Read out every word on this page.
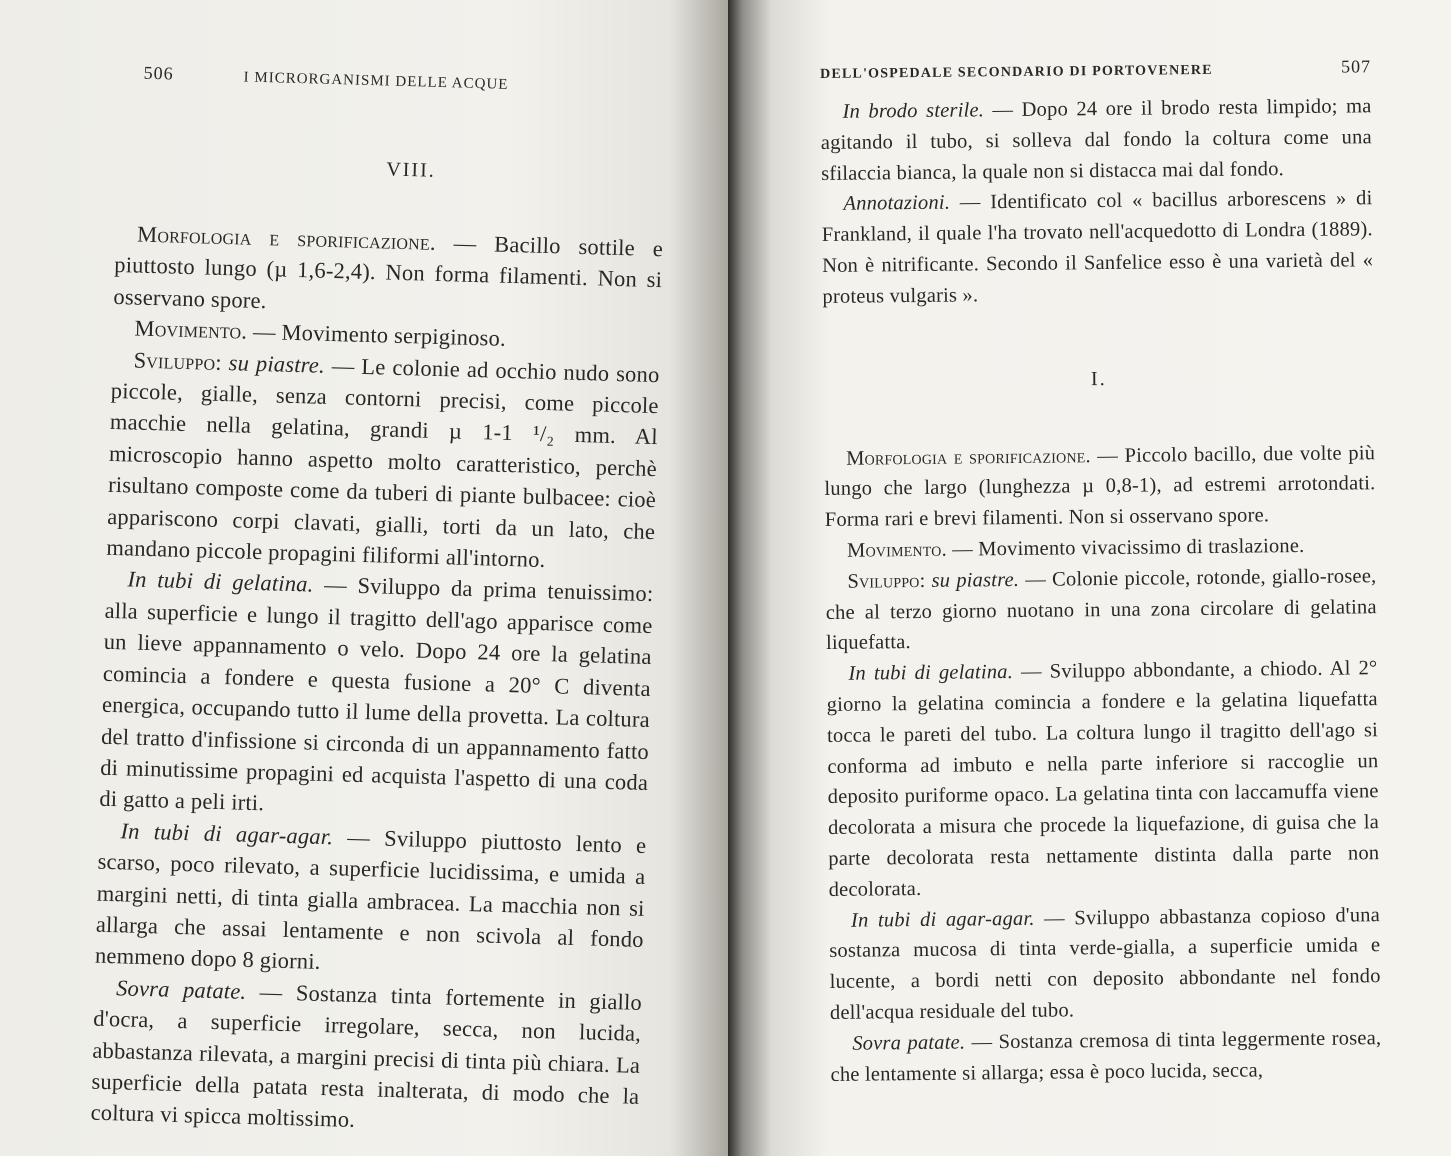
506	I MICRORGANISMI DELLE ACQUE
VIII.

Morfologia e sporificazione. — Bacillo sottile e piuttosto lungo (µ 1,6-2,4). Non forma filamenti. Non si osservano spore.

Movimento. — Movimento serpiginoso.

Sviluppo: su piastre. — Le colonie ad occhio nudo sono piccole, gialle, senza contorni precisi, come piccole macchie nella gelatina, grandi µ 1-1 ¹/₂ mm. Al microscopio hanno aspetto molto caratteristico, perchè risultano composte come da tuberi di piante bulbacee: cioè appariscono corpi clavati, gialli, torti da un lato, che mandano piccole propagini filiformi all'intorno.

In tubi di gelatina. — Sviluppo da prima tenuissimo: alla superficie e lungo il tragitto dell'ago apparisce come un lieve appannamento o velo. Dopo 24 ore la gelatina comincia a fondere e questa fusione a 20° C diventa energica, occupando tutto il lume della provetta. La coltura del tratto d'infissione si circonda di un appannamento fatto di minutissime propagini ed acquista l'aspetto di una coda di gatto a peli irti.

In tubi di agar-agar. — Sviluppo piuttosto lento e scarso, poco rilevato, a superficie lucidissima, e umida a margini netti, di tinta gialla ambracea. La macchia non si allarga che assai lentamente e non scivola al fondo nemmeno dopo 8 giorni.

Sovra patate. — Sostanza tinta fortemente in giallo d'ocra, a superficie irregolare, secca, non lucida, abbastanza rilevata, a margini precisi di tinta più chiara. La superficie della patata resta inalterata, di modo che la coltura vi spicca moltissimo.

DELL'OSPEDALE SECONDARIO DI PORTOVENERE	507

In brodo sterile. — Dopo 24 ore il brodo resta limpido; ma agitando il tubo, si solleva dal fondo la coltura come una sfilaccia bianca, la quale non si distacca mai dal fondo.

Annotazioni. — Identificato col « bacillus arborescens » di Frankland, il quale l'ha trovato nell'acquedotto di Londra (1889). Non è nitrificante. Secondo il Sanfelice esso è una varietà del « proteus vulgaris ».

I.

Morfologia e sporificazione. — Piccolo bacillo, due volte più lungo che largo (lunghezza µ 0,8-1), ad estremi arrotondati. Forma rari e brevi filamenti. Non si osservano spore.

Movimento. — Movimento vivacissimo di traslazione.

Sviluppo: su piastre. — Colonie piccole, rotonde, giallo-rosee, che al terzo giorno nuotano in una zona circolare di gelatina liquefatta.

In tubi di gelatina. — Sviluppo abbondante, a chiodo. Al 2° giorno la gelatina comincia a fondere e la gelatina liquefatta tocca le pareti del tubo. La coltura lungo il tragitto dell'ago si conforma ad imbuto e nella parte inferiore si raccoglie un deposito puriforme opaco. La gelatina tinta con laccamuffa viene decolorata a misura che procede la liquefazione, di guisa che la parte decolorata resta nettamente distinta dalla parte non decolorata.

In tubi di agar-agar. — Sviluppo abbastanza copioso d'una sostanza mucosa di tinta verde-gialla, a superficie umida e lucente, a bordi netti con deposito abbondante nel fondo dell'acqua residuale del tubo.

Sovra patate. — Sostanza cremosa di tinta leggermente rosea, che lentamente si allarga; essa è poco lucida, secca,
